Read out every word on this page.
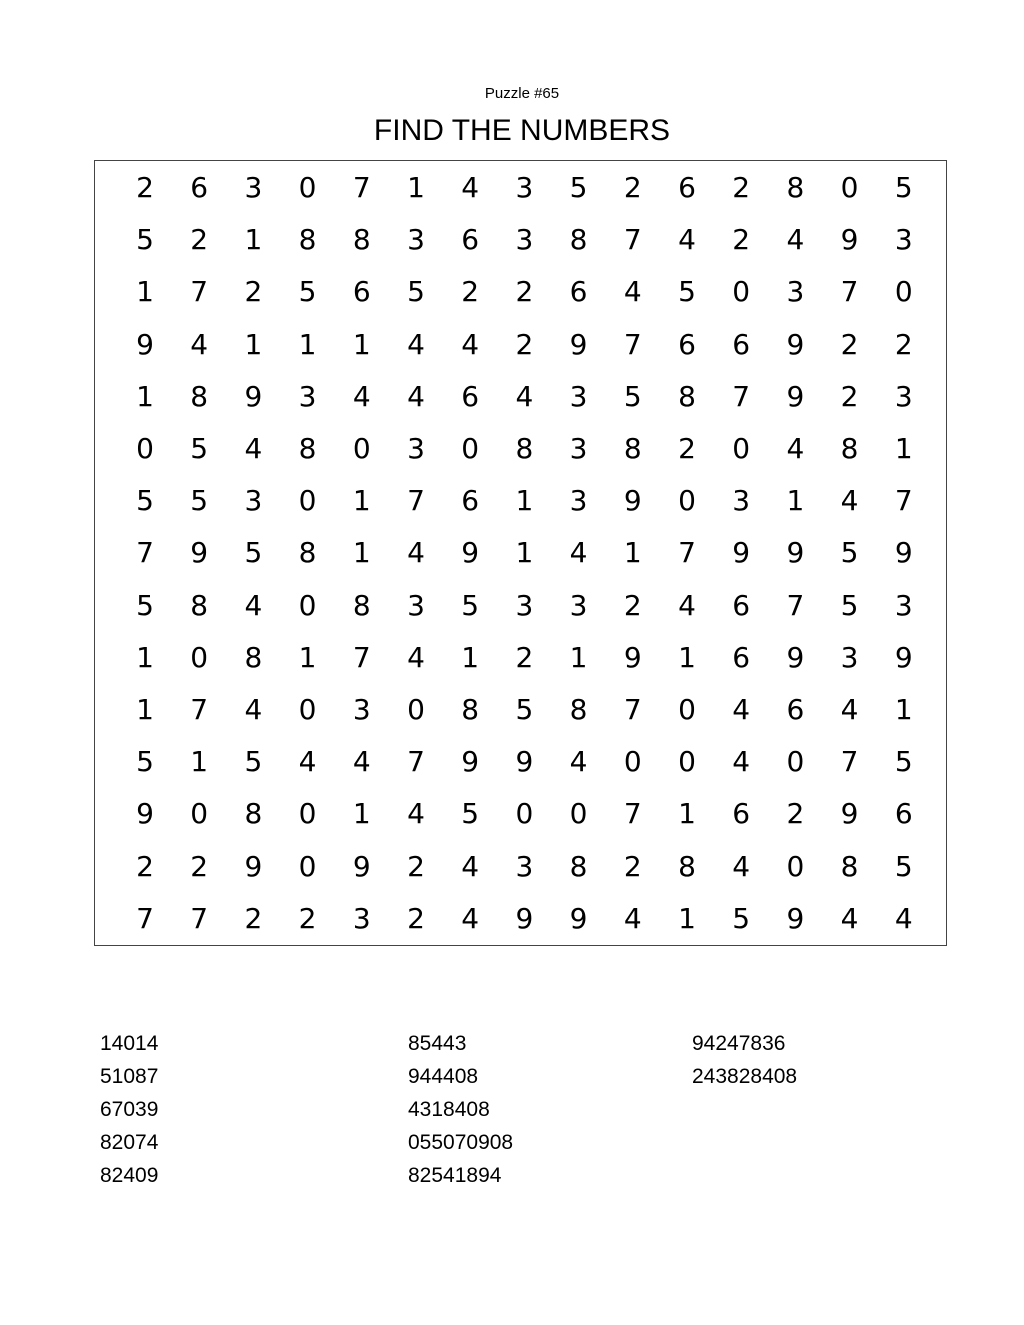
Puzzle #65
FIND THE NUMBERS
2	6	3	0	7	1	4	3	5	2	6	2	8	0	5
5	2	1	8	8	3	6	3	8	7	4	2	4	9	3
1	7	2	5	6	5	2	2	6	4	5	0	3	7	0
9	4	1	1	1	4	4	2	9	7	6	6	9	2	2
1	8	9	3	4	4	6	4	3	5	8	7	9	2	3
0	5	4	8	0	3	0	8	3	8	2	0	4	8	1
5	5	3	0	1	7	6	1	3	9	0	3	1	4	7
7	9	5	8	1	4	9	1	4	1	7	9	9	5	9
5	8	4	0	8	3	5	3	3	2	4	6	7	5	3
1	0	8	1	7	4	1	2	1	9	1	6	9	3	9
1	7	4	0	3	0	8	5	8	7	0	4	6	4	1
5	1	5	4	4	7	9	9	4	0	0	4	0	7	5
9	0	8	0	1	4	5	0	0	7	1	6	2	9	6
2	2	9	0	9	2	4	3	8	2	8	4	0	8	5
7	7	2	2	3	2	4	9	9	4	1	5	9	4	4
14014
51087
67039
82074
82409
85443
944408
4318408
055070908
82541894
94247836
243828408
